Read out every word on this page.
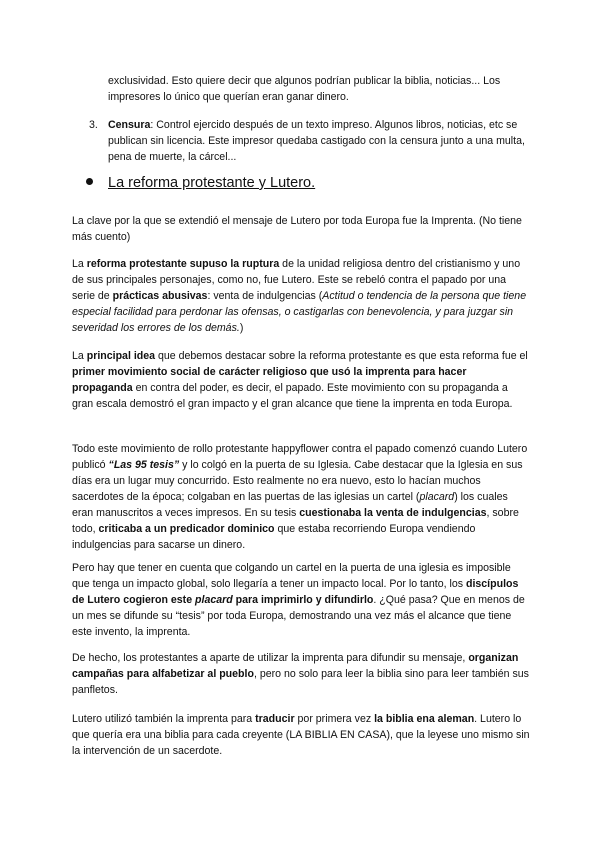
exclusividad. Esto quiere decir que algunos podrían publicar la biblia, noticias... Los impresores lo único que querían eran ganar dinero.

3. Censura: Control ejercido después de un texto impreso. Algunos libros, noticias, etc se publican sin licencia. Este impresor quedaba castigado con la censura junto a una multa, pena de muerte, la cárcel...

La reforma protestante y Lutero.

La clave por la que se extendió el mensaje de Lutero por toda Europa fue la Imprenta. (No tiene más cuento)

La reforma protestante supuso la ruptura de la unidad religiosa dentro del cristianismo y uno de sus principales personajes, como no, fue Lutero. Este se rebeló contra el papado por una serie de prácticas abusivas: venta de indulgencias (Actitud o tendencia de la persona que tiene especial facilidad para perdonar las ofensas, o castigarlas con benevolencia, y para juzgar sin severidad los errores de los demás.)

La principal idea que debemos destacar sobre la reforma protestante es que esta reforma fue el primer movimiento social de carácter religioso que usó la imprenta para hacer propaganda en contra del poder, es decir, el papado. Este movimiento con su propaganda a gran escala demostró el gran impacto y el gran alcance que tiene la imprenta en toda Europa.

Todo este movimiento de rollo protestante happyflower contra el papado comenzó cuando Lutero publicó “Las 95 tesis” y lo colgó en la puerta de su Iglesia. Cabe destacar que la Iglesia en sus días era un lugar muy concurrido. Esto realmente no era nuevo, esto lo hacían muchos sacerdotes de la época; colgaban en las puertas de las iglesias un cartel (placard) los cuales eran manuscritos a veces impresos. En su tesis cuestionaba la venta de indulgencias, sobre todo, criticaba a un predicador dominico que estaba recorriendo Europa vendiendo indulgencias para sacarse un dinero.

Pero hay que tener en cuenta que colgando un cartel en la puerta de una iglesia es imposible que tenga un impacto global, solo llegaría a tener un impacto local. Por lo tanto, los discípulos de Lutero cogieron este placard para imprimirlo y difundirlo. ¿Qué pasa? Que en menos de un mes se difunde su “tesis” por toda Europa, demostrando una vez más el alcance que tiene este invento, la imprenta.

De hecho, los protestantes a aparte de utilizar la imprenta para difundir su mensaje, organizan campañas para alfabetizar al pueblo, pero no solo para leer la biblia sino para leer también sus panfletos.

Lutero utilizó también la imprenta para traducir por primera vez la biblia ena aleman. Lutero lo que quería era una biblia para cada creyente (LA BIBLIA EN CASA), que la leyese uno mismo sin la intervención de un sacerdote.
